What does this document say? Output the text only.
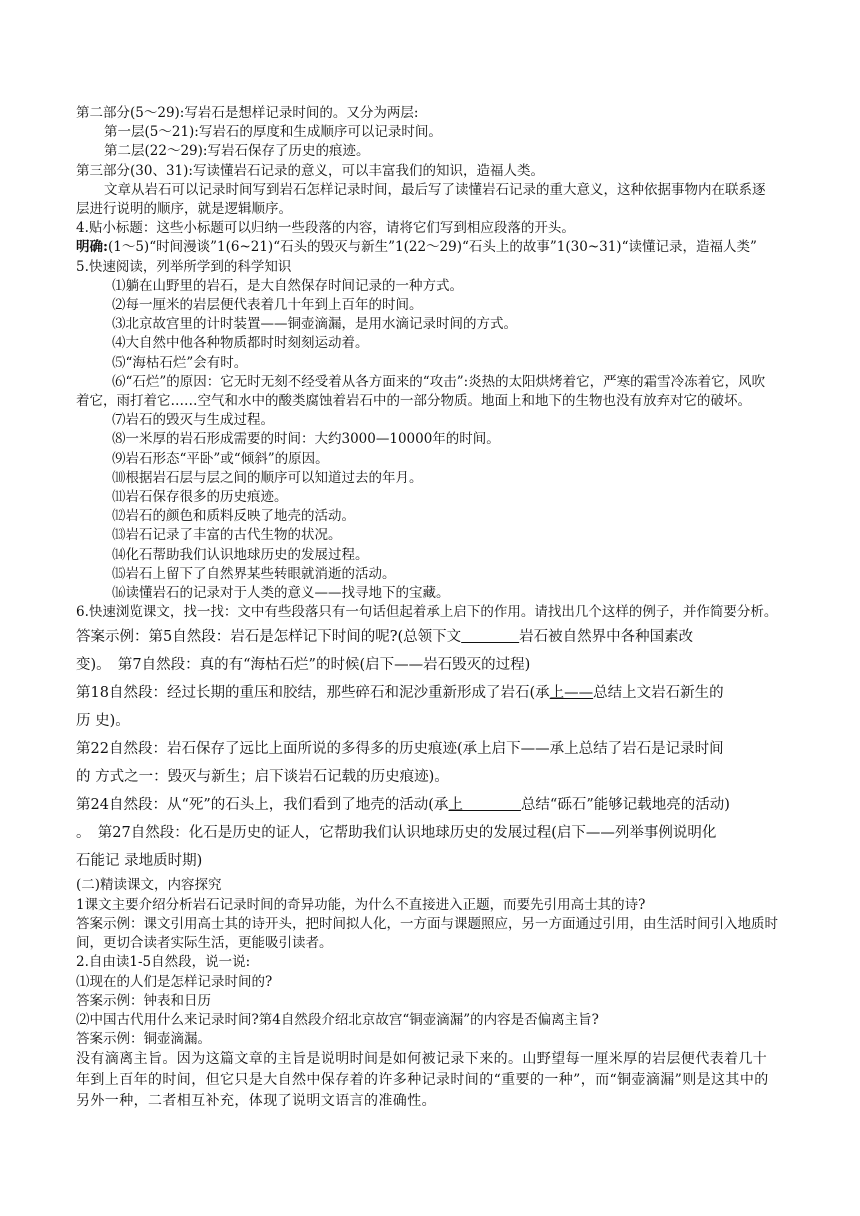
第二部分(5～29):写岩石是想样记录时间的。又分为两层:

第一层(5～21):写岩石的厚度和生成顺序可以记录时间。

第二层(22～29):写岩石保存了历史的痕迹。

第三部分(30、31):写读懂岩石记录的意义，可以丰富我们的知识，造福人类。

文章从岩石可以记录时间写到岩石怎样记录时间，最后写了读懂岩石记录的重大意义，这种依据事物内在联系逐层进行说明的顺序，就是逻辑顺序。

4.贴小标题：这些小标题可以归纳一些段落的内容，请将它们写到相应段落的开头。

明确:(1～5)“时间漫谈”1(6~21)“石头的毁灭与新生”1(22～29)“石头上的故事”1(30~31)“读懂记录，造福人类”

5.快速阅读，列举所学到的科学知识

⑴躺在山野里的岩石，是大自然保存时间记录的一种方式。

⑵每一厘米的岩层便代表着几十年到上百年的时间。

⑶北京故宫里的计时装置——铜壶滴漏，是用水滴记录时间的方式。

⑷大自然中他各种物质都时时刻刻运动着。

⑸“海枯石烂”会有时。

⑹“石烂”的原因：它无时无刻不经受着从各方面来的“攻击”:炎热的太阳烘烤着它，严寒的霜雪冷冻着它，风吹着它，雨打着它……空气和水中的酸类腐蚀着岩石中的一部分物质。地面上和地下的生物也没有放弃对它的破坏。

⑺岩石的毁灭与生成过程。

⑻一米厚的岩石形成需要的时间：大约3000—10000年的时间。

⑼岩石形态“平卧”或“倾斜”的原因。

⑽根据岩石层与层之间的顺序可以知道过去的年月。

⑾岩石保存很多的历史痕迹。

⑿岩石的颜色和质料反映了地壳的活动。

⒀岩石记录了丰富的古代生物的状况。

⒁化石帮助我们认识地球历史的发展过程。

⒂岩石上留下了自然界某些转眼就消逝的活动。

⒃读懂岩石的记录对于人类的意义——找寻地下的宝藏。

6.快速浏览课文，找一找：文中有些段落只有一句话但起着承上启下的作用。请找出几个这样的例子，并作简要分析。

答案示例：第5自然段：岩石是怎样记下时间的呢?(总领下文　　　　	岩石被自然界中各种国素改

变)。　第7自然段：真的有“海枯石烂”的时候(启下——岩石毁灭的过程)

第18自然段：经过长期的重压和胶结，那些碎石和泥沙重新形成了岩石(承上——总结上文岩石新生的

历 史)。

第22自然段：岩石保存了远比上面所说的多得多的历史痕迹(承上启下——承上总结了岩石是记录时间

的 方式之一：毁灭与新生；启下谈岩石记载的历史痕迹)。

第24自然段：从“死”的石头上，我们看到了地壳的活动(承上　　　　总结“砾石”能够记载地亮的活动)

。　第27自然段：化石是历史的证人，它帮助我们认识地球历史的发展过程(启下——列举事例说明化

石能记 录地质时期)

(二)精读课文，内容探究

1课文主要介绍分析岩石记录时间的奇异功能，为什么不直接进入正题，而要先引用高士其的诗?

答案示例：课文引用高士其的诗开头，把时间拟人化，一方面与课题照应，另一方面通过引用，由生活时间引入地质时间，更切合读者实际生活，更能吸引读者。

2.自由读1-5自然段，说一说:

⑴现在的人们是怎样记录时间的?

答案示例：钟表和日历

⑵中国古代用什么来记录时间?第4自然段介绍北京故宫“铜壶滴漏”的内容是否偏离主旨?

答案示例：铜壶滴漏。

没有滴离主旨。因为这篇文章的主旨是说明时间是如何被记录下来的。山野望每一厘米厚的岩层便代表着几十年到上百年的时间，但它只是大自然中保存着的许多种记录时间的“重要的一种”，而“铜壶滴漏”则是这其中的另外一种，二者相互补充，体现了说明文语言的准确性。
